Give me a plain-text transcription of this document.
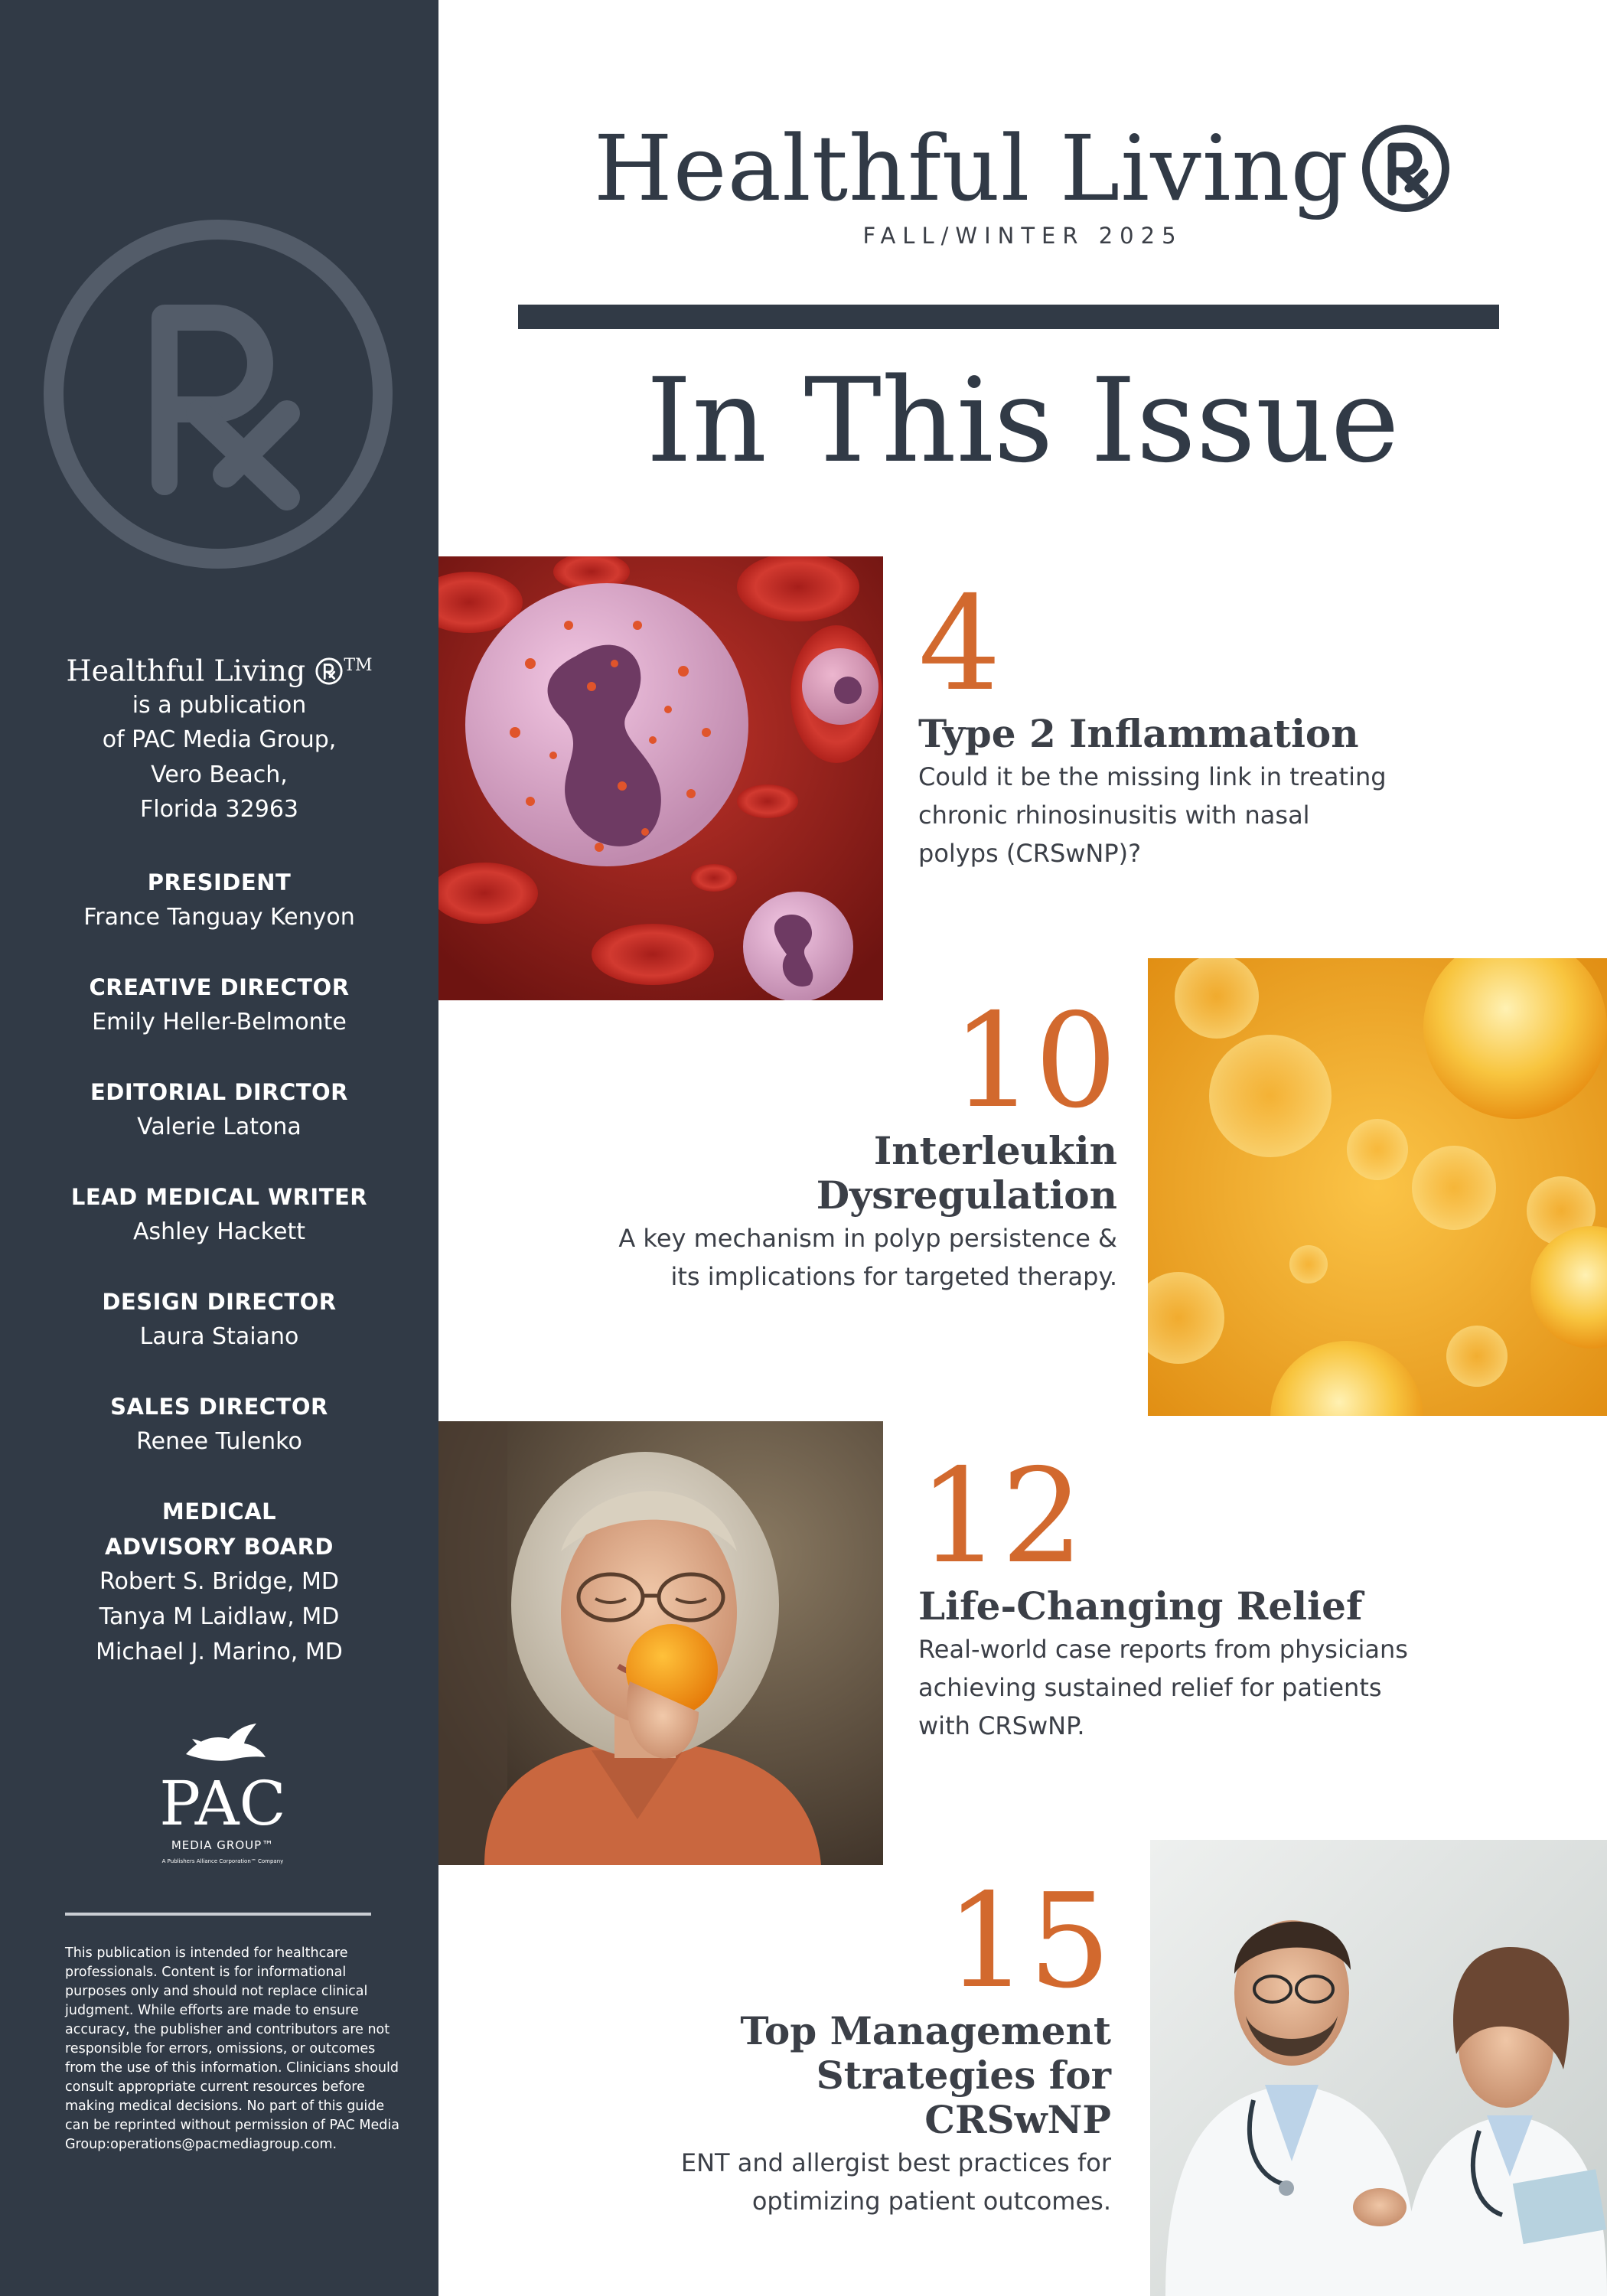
Healthful Living ™
is a publication
of PAC Media Group,
Vero Beach,
Florida 32963
PRESIDENT
France Tanguay Kenyon
CREATIVE DIRECTOR
Emily Heller-Belmonte
EDITORIAL DIRCTOR
Valerie Latona
LEAD MEDICAL WRITER
Ashley Hackett
DESIGN DIRECTOR
Laura Staiano
SALES DIRECTOR
Renee Tulenko
MEDICAL
ADVISORY BOARD
Robert S. Bridge, MD
Tanya M Laidlaw, MD
Michael J. Marino, MD
PAC
MEDIA GROUP™
A Publishers Alliance Corporation™ Company
This publication is intended for healthcare professionals. Content is for informational purposes only and should not replace clinical judgment. While efforts are made to ensure accuracy, the publisher and contributors are not responsible for errors, omissions, or outcomes from the use of this information. Clinicians should consult appropriate current resources before making medical decisions. No part of this guide can be reprinted without permission of PAC Media Group:operations@pacmediagroup.com.
Healthful Living
FALL/WINTER 2025
In This Issue
4
Type 2 Inflammation
Could it be the missing link in treating chronic rhinosinusitis with nasal polyps (CRSwNP)?
10
Interleukin Dysregulation
A key mechanism in polyp persistence & its implications for targeted therapy.
12
Life-Changing Relief
Real-world case reports from physicians achieving sustained relief for patients with CRSwNP.
15
Top Management Strategies for CRSwNP
ENT and allergist best practices for optimizing patient outcomes.
